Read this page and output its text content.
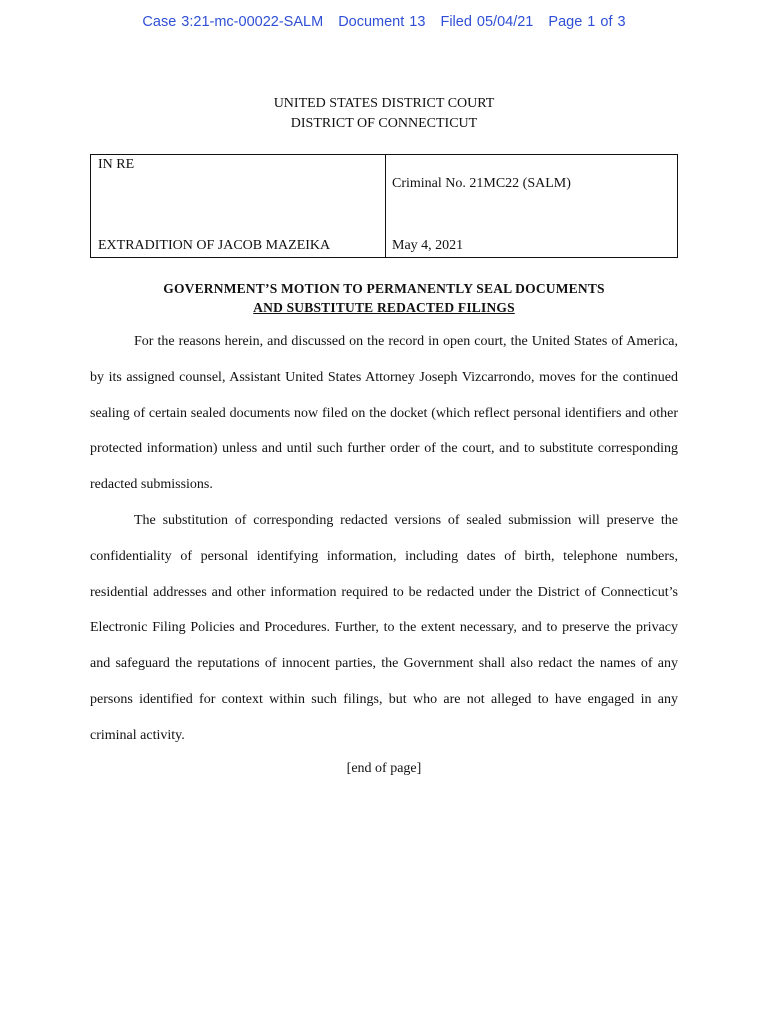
Case 3:21-mc-00022-SALM Document 13 Filed 05/04/21 Page 1 of 3
UNITED STATES DISTRICT COURT
DISTRICT OF CONNECTICUT
IN RE
EXTRADITION OF JACOB MAZEIKA
Criminal No. 21MC22 (SALM)
May 4, 2021
GOVERNMENT’S MOTION TO PERMANENTLY SEAL DOCUMENTS
AND SUBSTITUTE REDACTED FILINGS

For the reasons herein, and discussed on the record in open court, the United States of America, by its assigned counsel, Assistant United States Attorney Joseph Vizcarrondo, moves for the continued sealing of certain sealed documents now filed on the docket (which reflect personal identifiers and other protected information) unless and until such further order of the court, and to substitute corresponding redacted submissions.

The substitution of corresponding redacted versions of sealed submission will preserve the confidentiality of personal identifying information, including dates of birth, telephone numbers, residential addresses and other information required to be redacted under the District of Connecticut’s Electronic Filing Policies and Procedures. Further, to the extent necessary, and to preserve the privacy and safeguard the reputations of innocent parties, the Government shall also redact the names of any persons identified for context within such filings, but who are not alleged to have engaged in any criminal activity.

[end of page]
